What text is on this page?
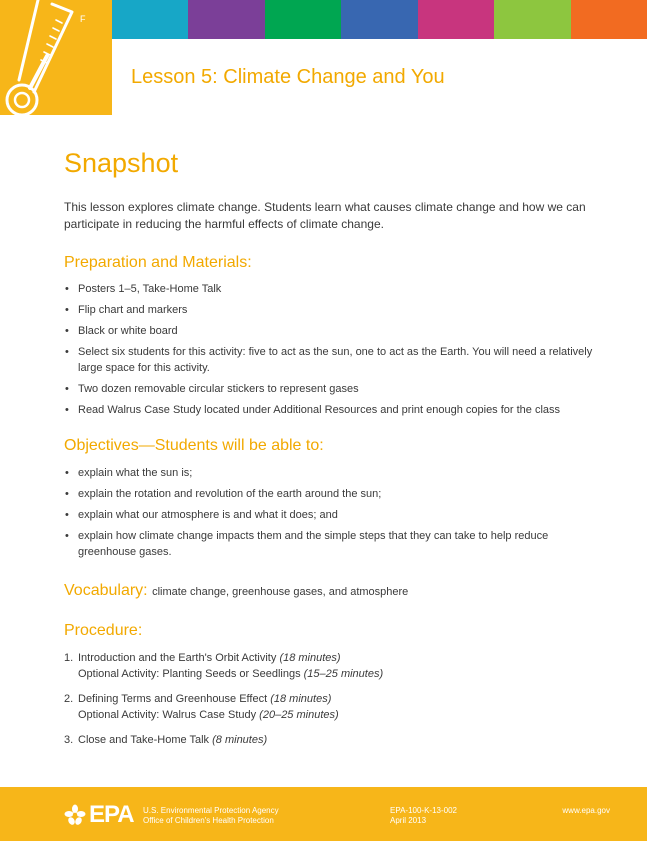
F
Lesson 5: Climate Change and You
Snapshot
This lesson explores climate change. Students learn what causes climate change and how we can participate in reducing the harmful effects of climate change.
Preparation and Materials:
• Posters 1–5, Take-Home Talk
• Flip chart and markers
• Black or white board
• Select six students for this activity: five to act as the sun, one to act as the Earth. You will need a relatively large space for this activity.
• Two dozen removable circular stickers to represent gases
• Read Walrus Case Study located under Additional Resources and print enough copies for the class
Objectives—Students will be able to:
• explain what the sun is;
• explain the rotation and revolution of the earth around the sun;
• explain what our atmosphere is and what it does; and
• explain how climate change impacts them and the simple steps that they can take to help reduce greenhouse gases.
Vocabulary: climate change, greenhouse gases, and atmosphere
Procedure:
1. Introduction and the Earth's Orbit Activity (18 minutes)
Optional Activity: Planting Seeds or Seedlings (15–25 minutes)
2. Defining Terms and Greenhouse Effect (18 minutes)
Optional Activity: Walrus Case Study (20–25 minutes)
3. Close and Take-Home Talk (8 minutes)
EPA U.S. Environmental Protection Agency
Office of Children's Health Protection
EPA-100-K-13-002
April 2013
www.epa.gov
